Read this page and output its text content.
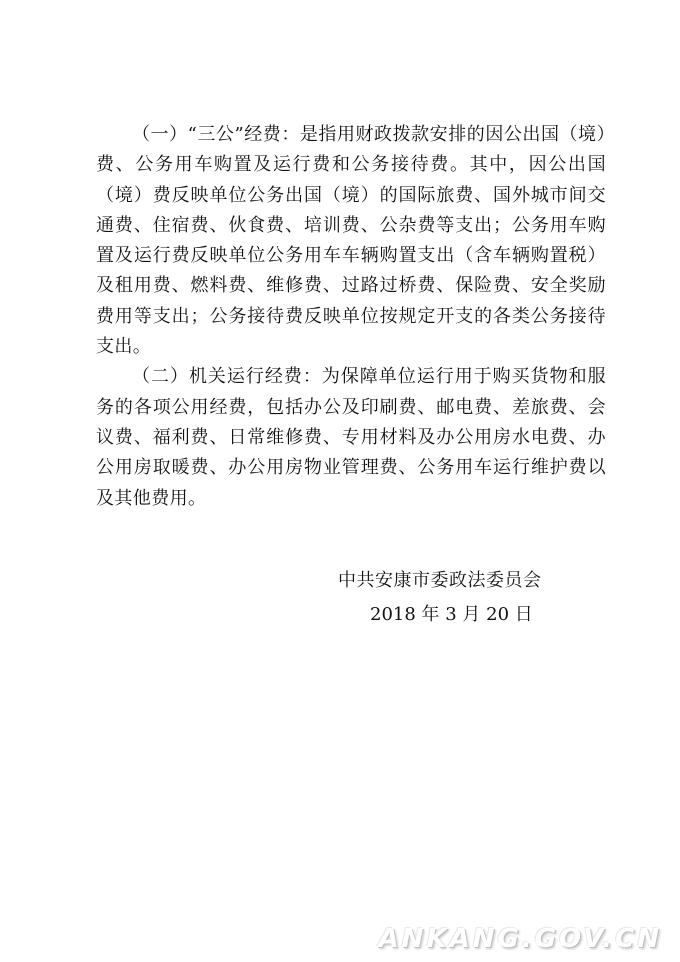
（一）“三公”经费：是指用财政拨款安排的因公出国（境）费、公务用车购置及运行费和公务接待费。其中，因公出国（境）费反映单位公务出国（境）的国际旅费、国外城市间交通费、住宿费、伙食费、培训费、公杂费等支出；公务用车购置及运行费反映单位公务用车车辆购置支出（含车辆购置税）及租用费、燃料费、维修费、过路过桥费、保险费、安全奖励费用等支出；公务接待费反映单位按规定开支的各类公务接待支出。

（二）机关运行经费：为保障单位运行用于购买货物和服务的各项公用经费，包括办公及印刷费、邮电费、差旅费、会议费、福利费、日常维修费、专用材料及办公用房水电费、办公用房取暖费、办公用房物业管理费、公务用车运行维护费以及其他费用。

中共安康市委政法委员会
2018 年 3 月 20 日
ANKANG.GOV.CN
